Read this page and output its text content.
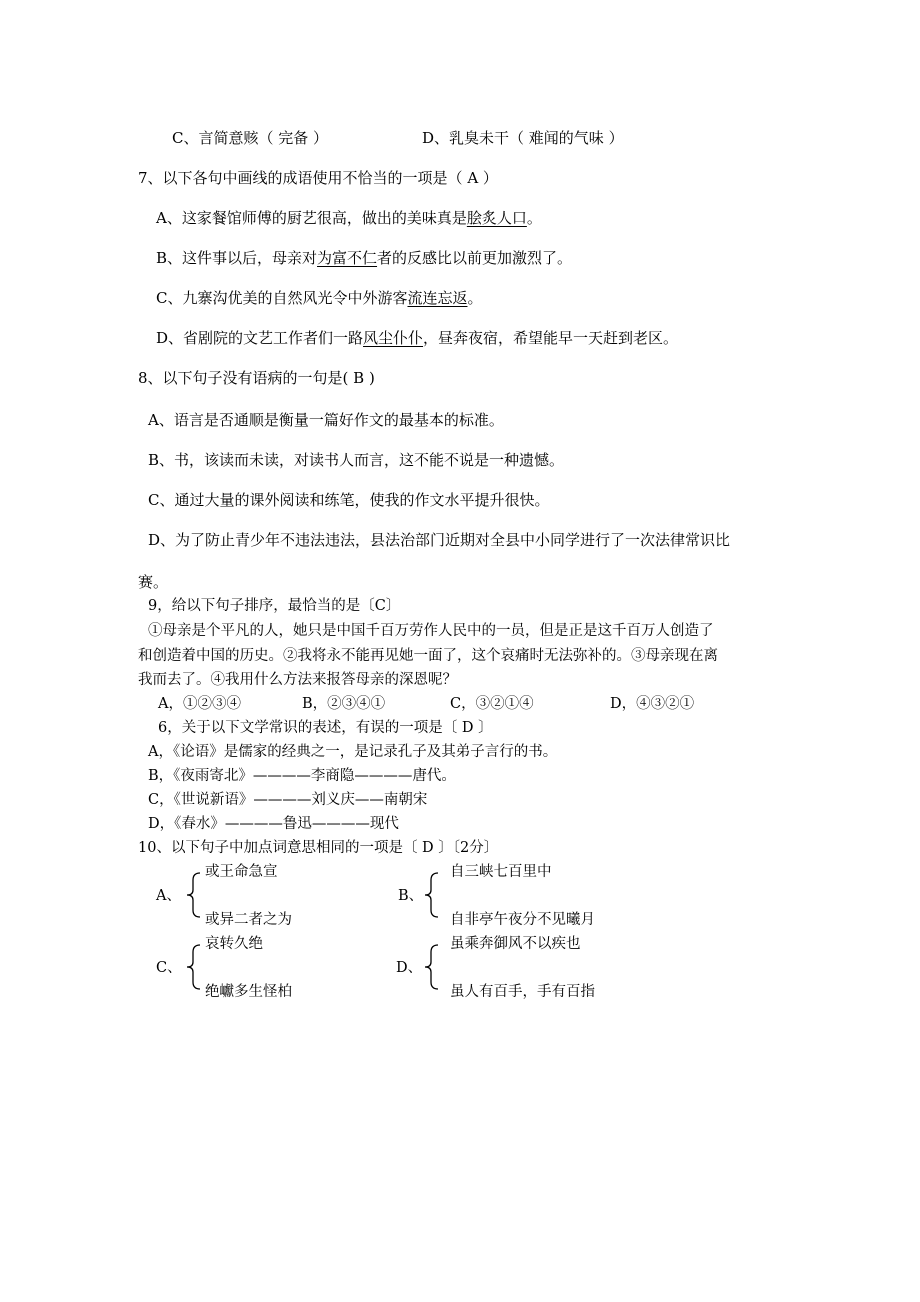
C、言简意赅（ 完备 ）	D、乳臭未干（ 难闻的气味 ）
7、以下各句中画线的成语使用不恰当的一项是（ A ）
A、这家餐馆师傅的厨艺很高，做出的美味真是脍炙人口。
B、这件事以后，母亲对为富不仁者的反感比以前更加激烈了。
C、九寨沟优美的自然风光令中外游客流连忘返。
D、省剧院的文艺工作者们一路风尘仆仆，昼奔夜宿，希望能早一天赶到老区。
8、以下句子没有语病的一句是( B )
A、语言是否通顺是衡量一篇好作文的最基本的标准。
B、书，该读而未读，对读书人而言，这不能不说是一种遗憾。
C、通过大量的课外阅读和练笔，使我的作文水平提升很快。
D、为了防止青少年不违法违法，县法治部门近期对全县中小同学进行了一次法律常识比
赛。
9，给以下句子排序，最恰当的是〔C〕
①母亲是个平凡的人，她只是中国千百万劳作人民中的一员，但是正是这千百万人创造了
和创造着中国的历史。②我将永不能再见她一面了，这个哀痛时无法弥补的。③母亲现在离
我而去了。④我用什么方法来报答母亲的深恩呢？
A，①②③④	B，②③④①	C，③②①④	D，④③②①
6，关于以下文学常识的表述，有误的一项是〔 D 〕
A，《论语》是儒家的经典之一，是记录孔子及其弟子言行的书。
B，《夜雨寄北》————李商隐————唐代。
C，《世说新语》————刘义庆——南朝宋
D，《春水》————鲁迅————现代
10、以下句子中加点词意思相同的一项是〔 D 〕〔2分〕
A、
或王命急宣
或异二者之为
B、
自三峡七百里中
自非亭午夜分不见曦月
C、
哀转久绝
绝巘多生怪柏
D、
虽乘奔御风不以疾也
虽人有百手，手有百指
